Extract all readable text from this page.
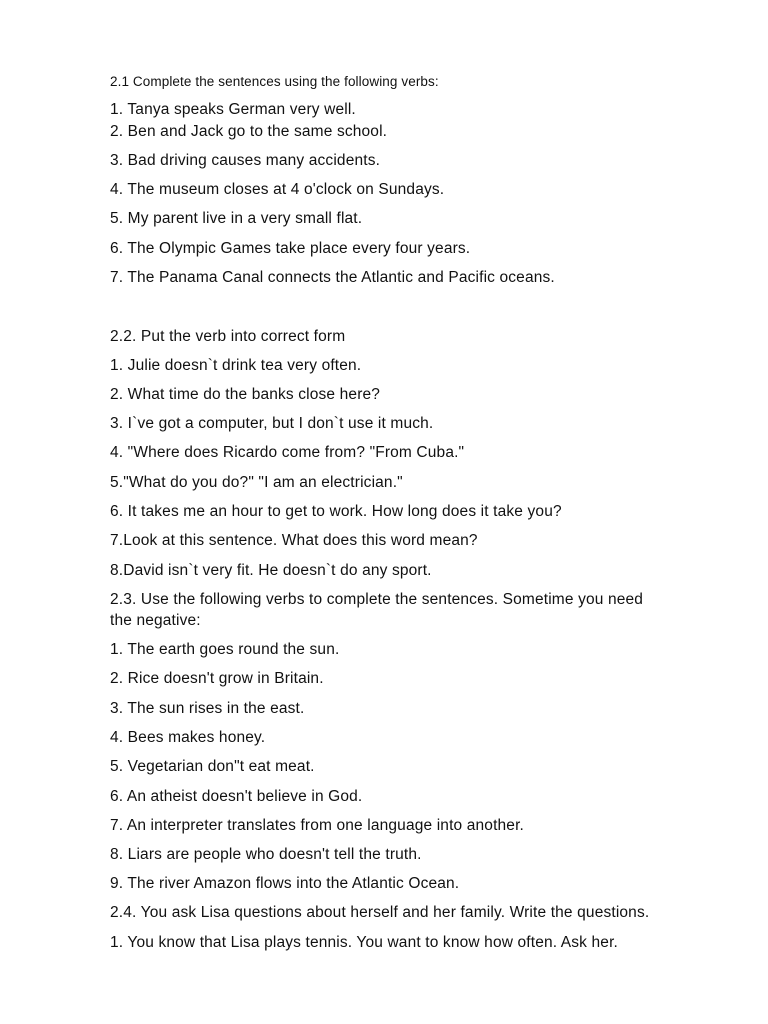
2.1 Complete the sentences using the following verbs:
1. Tanya speaks German very well.
2. Ben and Jack go to the same school.
3. Bad driving causes many accidents.
4. The museum closes at 4 o'clock on Sundays.
5. My parent live in a very small flat.
6. The Olympic Games take place every four years.
7. The Panama Canal connects the Atlantic and Pacific oceans.
2.2. Put the verb into correct form
1. Julie doesn`t drink tea very often.
2. What time do the banks close here?
3. I`ve got a computer, but I don`t use it much.
4. "Where does Ricardo come from? "From Cuba."
5."What do you do?" "I am an electrician."
6. It takes me an hour to get to work. How long does it take you?
7.Look at this sentence. What does this word mean?
8.David isn`t very fit. He doesn`t do any sport.
2.3. Use the following verbs to complete the sentences. Sometime you need
the negative:
1. The earth goes round the sun.
2. Rice doesn't grow in Britain.
3. The sun rises in the east.
4. Bees makes honey.
5. Vegetarian don"t eat meat.
6. An atheist doesn't believe in God.
7. An interpreter translates from one language into another.
8. Liars are people who doesn't tell the truth.
9. The river Amazon flows into the Atlantic Ocean.
2.4. You ask Lisa questions about herself and her family. Write the questions.
1. You know that Lisa plays tennis. You want to know how often. Ask her.
